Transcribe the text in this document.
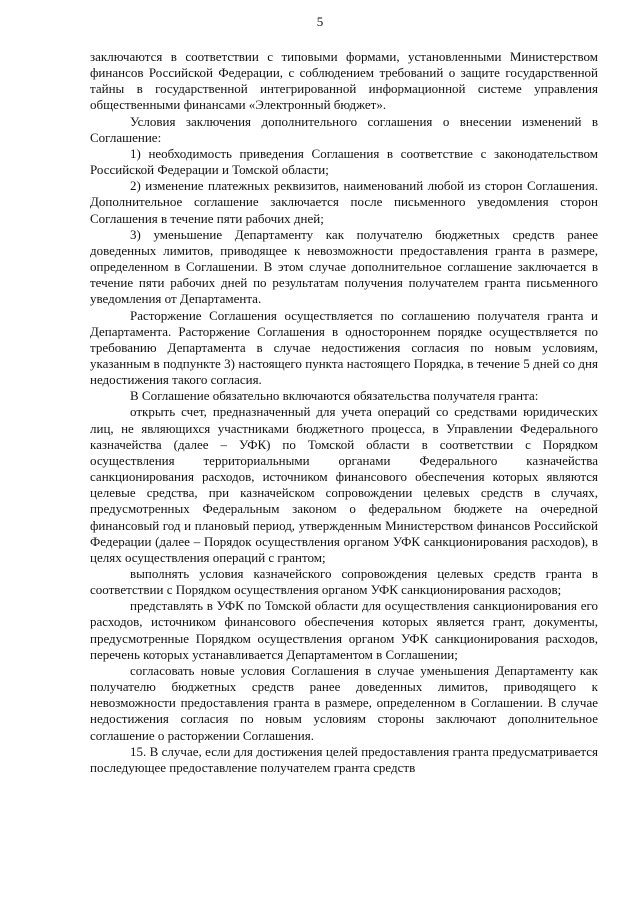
5

заключаются в соответствии с типовыми формами, установленными Министерством финансов Российской Федерации, с соблюдением требований о защите государственной тайны в государственной интегрированной информационной системе управления общественными финансами «Электронный бюджет».

Условия заключения дополнительного соглашения о внесении изменений в Соглашение:

1) необходимость приведения Соглашения в соответствие с законодательством Российской Федерации и Томской области;

2) изменение платежных реквизитов, наименований любой из сторон Соглашения. Дополнительное соглашение заключается после письменного уведомления сторон Соглашения в течение пяти рабочих дней;

3) уменьшение Департаменту как получателю бюджетных средств ранее доведенных лимитов, приводящее к невозможности предоставления гранта в размере, определенном в Соглашении. В этом случае дополнительное соглашение заключается в течение пяти рабочих дней по результатам получения получателем гранта письменного уведомления от Департамента.

Расторжение Соглашения осуществляется по соглашению получателя гранта и Департамента. Расторжение Соглашения в одностороннем порядке осуществляется по требованию Департамента в случае недостижения согласия по новым условиям, указанным в подпункте 3) настоящего пункта настоящего Порядка, в течение 5 дней со дня недостижения такого согласия.

В Соглашение обязательно включаются обязательства получателя гранта:

открыть счет, предназначенный для учета операций со средствами юридических лиц, не являющихся участниками бюджетного процесса, в Управлении Федерального казначейства (далее – УФК) по Томской области в соответствии с Порядком осуществления территориальными органами Федерального казначейства санкционирования расходов, источником финансового обеспечения которых являются целевые средства, при казначейском сопровождении целевых средств в случаях, предусмотренных Федеральным законом о федеральном бюджете на очередной финансовый год и плановый период, утвержденным Министерством финансов Российской Федерации (далее – Порядок осуществления органом УФК санкционирования расходов), в целях осуществления операций с грантом;

выполнять условия казначейского сопровождения целевых средств гранта в соответствии с Порядком осуществления органом УФК санкционирования расходов;

представлять в УФК по Томской области для осуществления санкционирования его расходов, источником финансового обеспечения которых является грант, документы, предусмотренные Порядком осуществления органом УФК санкционирования расходов, перечень которых устанавливается Департаментом в Соглашении;

согласовать новые условия Соглашения в случае уменьшения Департаменту как получателю бюджетных средств ранее доведенных лимитов, приводящего к невозможности предоставления гранта в размере, определенном в Соглашении. В случае недостижения согласия по новым условиям стороны заключают дополнительное соглашение о расторжении Соглашения.

15. В случае, если для достижения целей предоставления гранта предусматривается последующее предоставление получателем гранта средств
